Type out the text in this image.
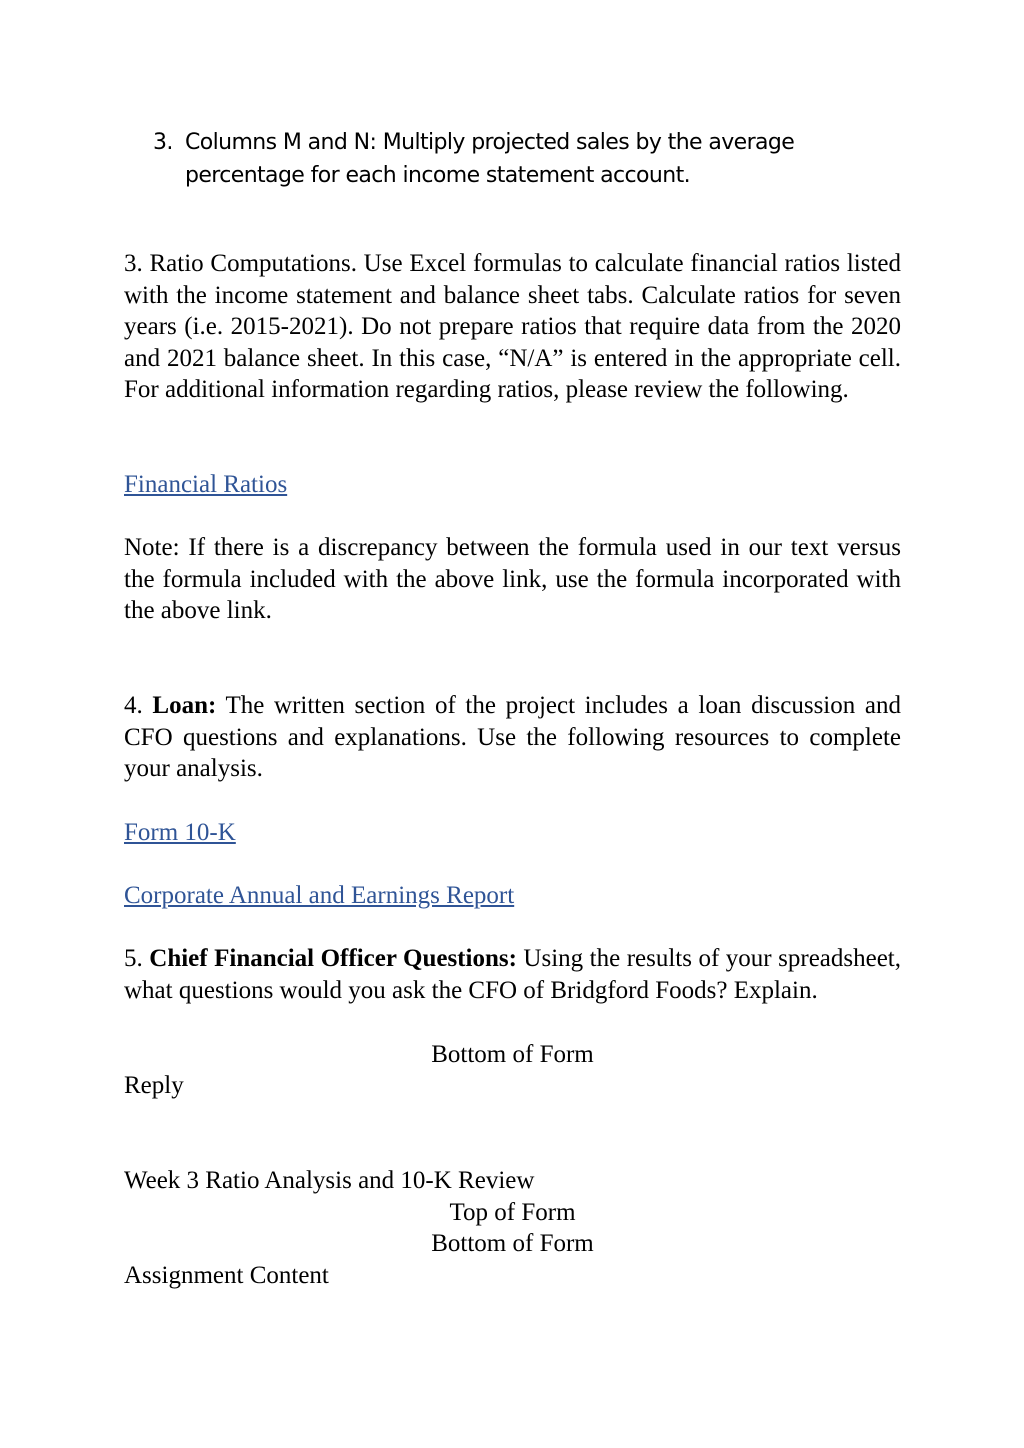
3. Columns M and N: Multiply projected sales by the average percentage for each income statement account.
3. Ratio Computations. Use Excel formulas to calculate financial ratios listed with the income statement and balance sheet tabs. Calculate ratios for seven years (i.e. 2015-2021). Do not prepare ratios that require data from the 2020 and 2021 balance sheet. In this case, “N/A” is entered in the appropriate cell. For additional information regarding ratios, please review the following.
Financial Ratios
Note: If there is a discrepancy between the formula used in our text versus the formula included with the above link, use the formula incorporated with the above link.
4. Loan: The written section of the project includes a loan discussion and CFO questions and explanations. Use the following resources to complete your analysis.
Form 10-K
Corporate Annual and Earnings Report
5. Chief Financial Officer Questions: Using the results of your spreadsheet, what questions would you ask the CFO of Bridgford Foods? Explain.
Bottom of Form
Reply
Week 3 Ratio Analysis and 10-K Review
Top of Form
Bottom of Form
Assignment Content
